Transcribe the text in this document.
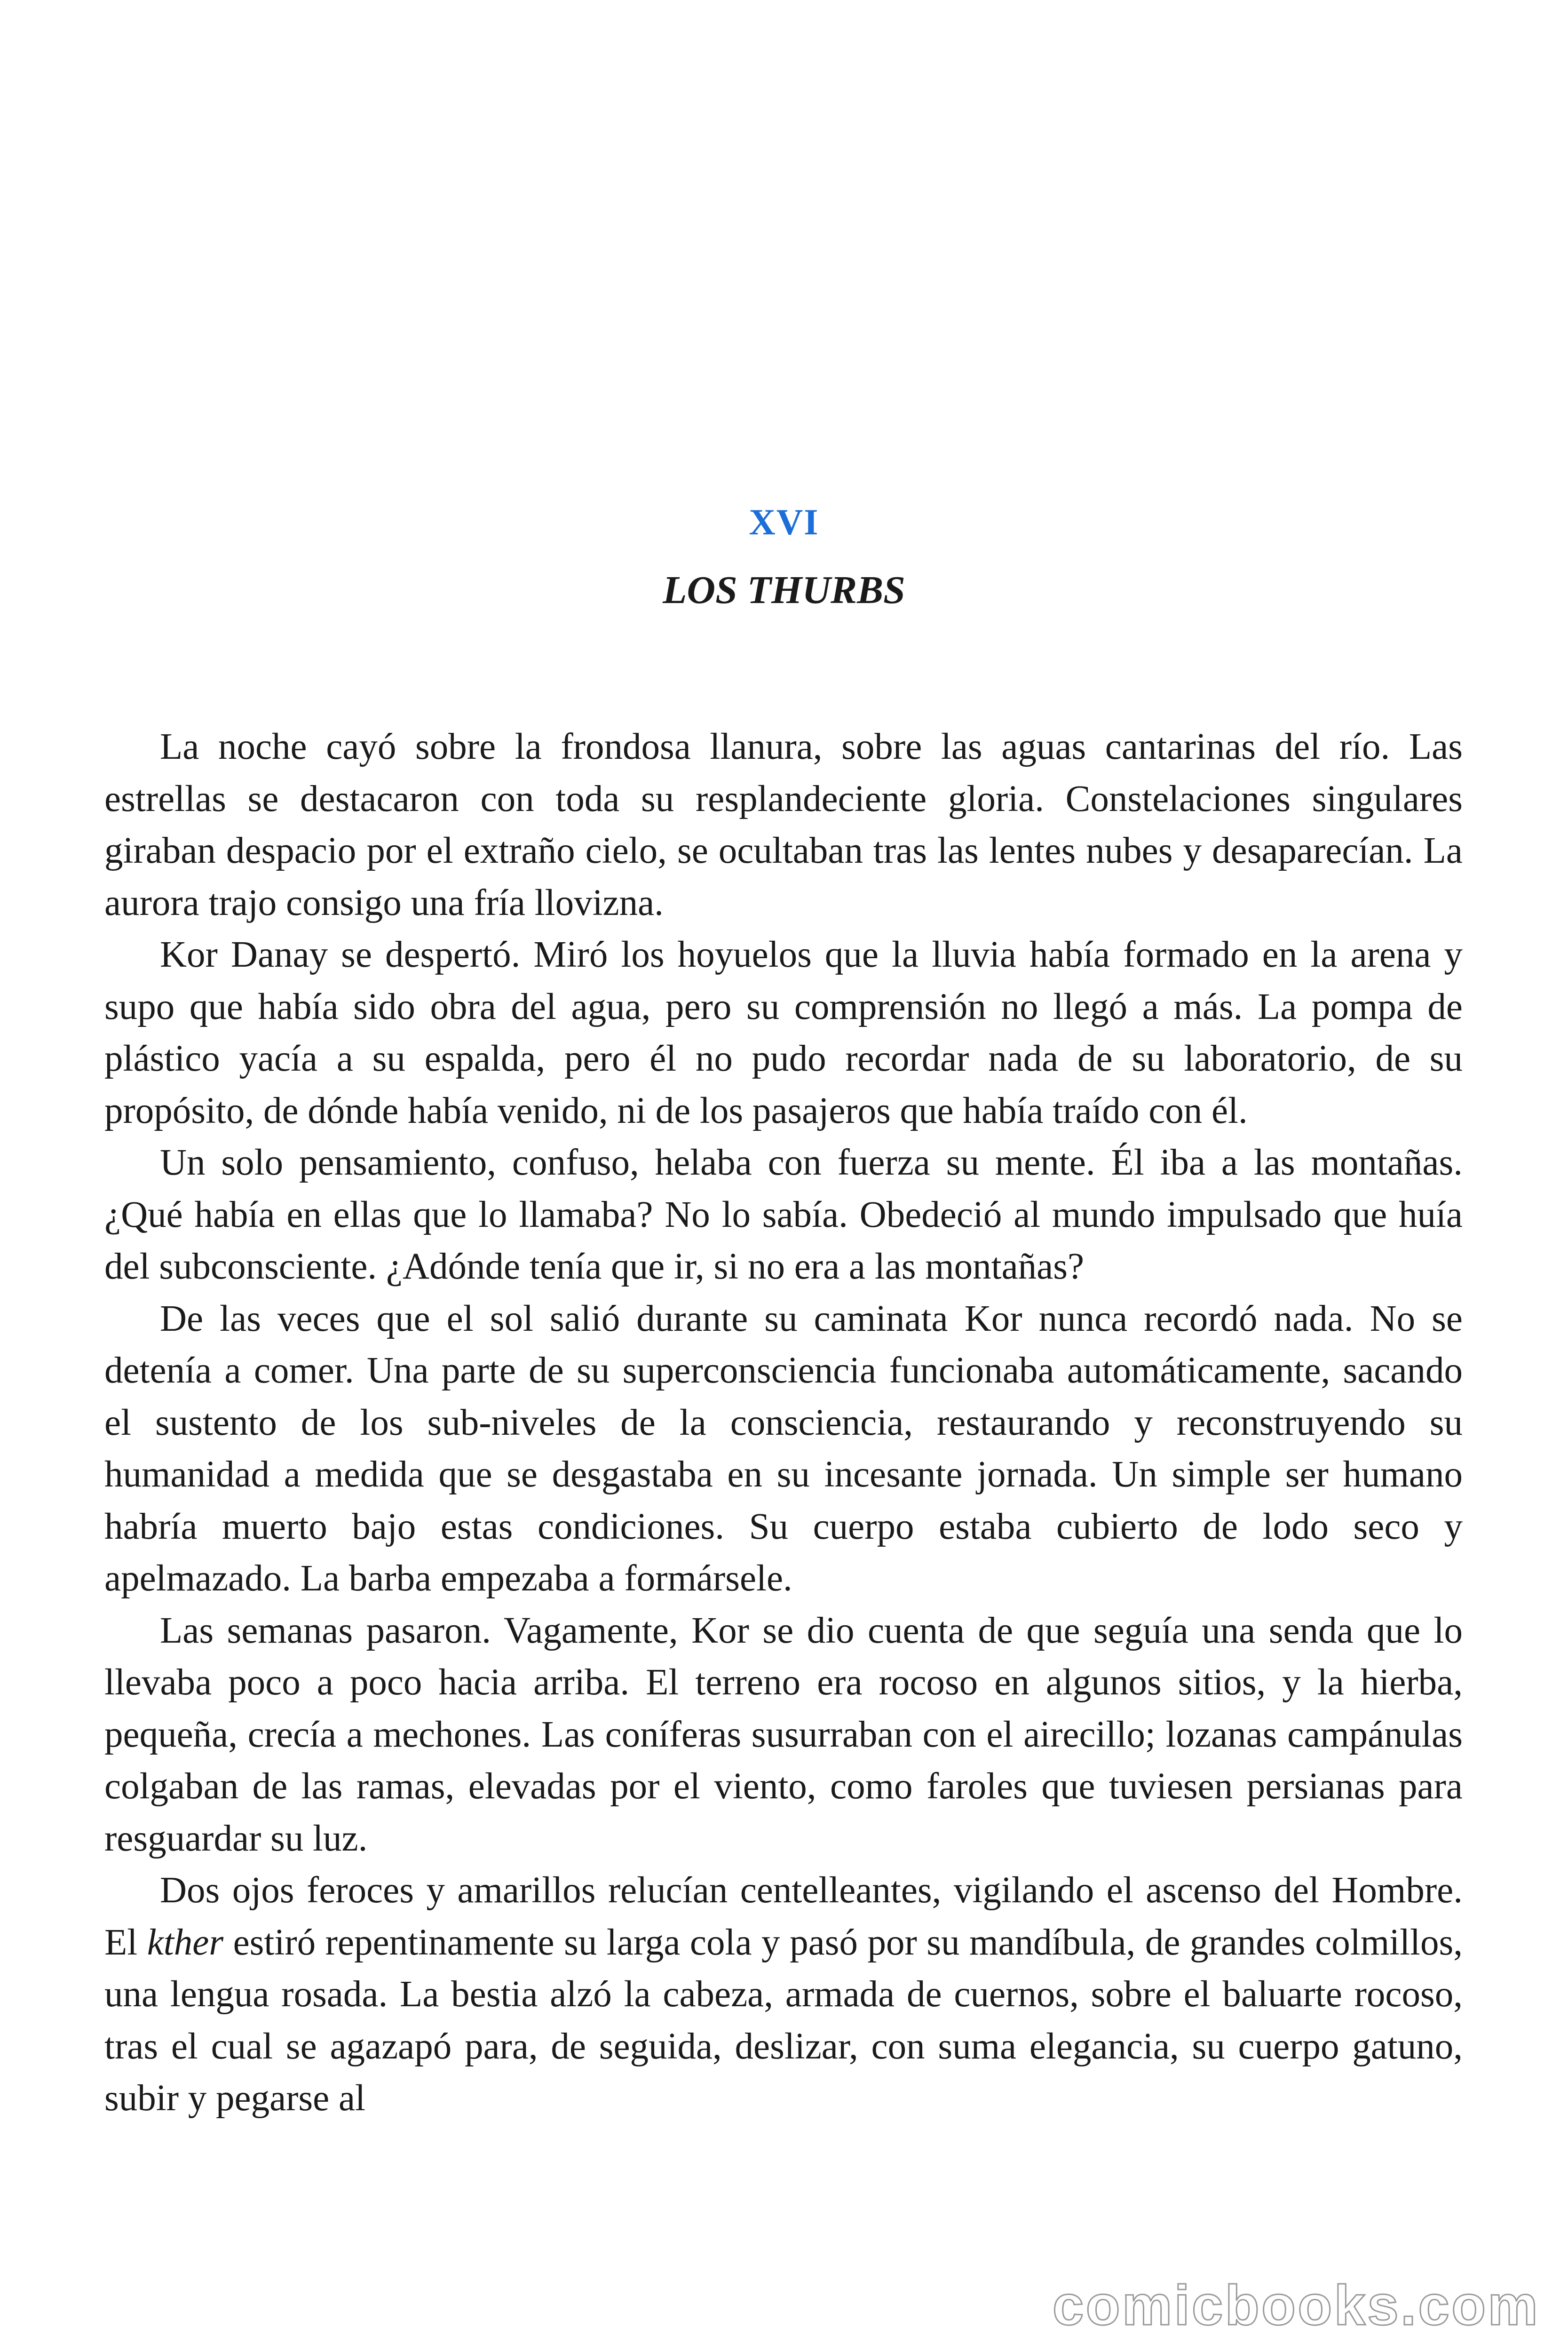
XVI
LOS THURBS

La noche cayó sobre la frondosa llanura, sobre las aguas cantarinas del río. Las estrellas se destacaron con toda su resplandeciente gloria. Constelaciones singulares giraban despacio por el extraño cielo, se ocultaban tras las lentes nubes y desaparecían. La aurora trajo consigo una fría llovizna.

Kor Danay se despertó. Miró los hoyuelos que la lluvia había formado en la arena y supo que había sido obra del agua, pero su comprensión no llegó a más. La pompa de plástico yacía a su espalda, pero él no pudo recordar nada de su laboratorio, de su propósito, de dónde había venido, ni de los pasajeros que había traído con él.

Un solo pensamiento, confuso, helaba con fuerza su mente. Él iba a las montañas. ¿Qué había en ellas que lo llamaba? No lo sabía. Obedeció al mundo impulsado que huía del subconsciente. ¿Adónde tenía que ir, si no era a las montañas?

De las veces que el sol salió durante su caminata Kor nunca recordó nada. No se detenía a comer. Una parte de su superconsciencia funcionaba automáticamente, sacando el sustento de los sub-niveles de la consciencia, restaurando y reconstruyendo su humanidad a medida que se desgastaba en su incesante jornada. Un simple ser humano habría muerto bajo estas condiciones. Su cuerpo estaba cubierto de lodo seco y apelmazado. La barba empezaba a formársele.

Las semanas pasaron. Vagamente, Kor se dio cuenta de que seguía una senda que lo llevaba poco a poco hacia arriba. El terreno era rocoso en algunos sitios, y la hierba, pequeña, crecía a mechones. Las coníferas susurraban con el airecillo; lozanas campánulas colgaban de las ramas, elevadas por el viento, como faroles que tuviesen persianas para resguardar su luz.

Dos ojos feroces y amarillos relucían centelleantes, vigilando el ascenso del Hombre. El kther estiró repentinamente su larga cola y pasó por su mandíbula, de grandes colmillos, una lengua rosada. La bestia alzó la cabeza, armada de cuernos, sobre el baluarte rocoso, tras el cual se agazapó para, de seguida, deslizar, con suma elegancia, su cuerpo gatuno, subir y pegarse al

comicbooks.com
